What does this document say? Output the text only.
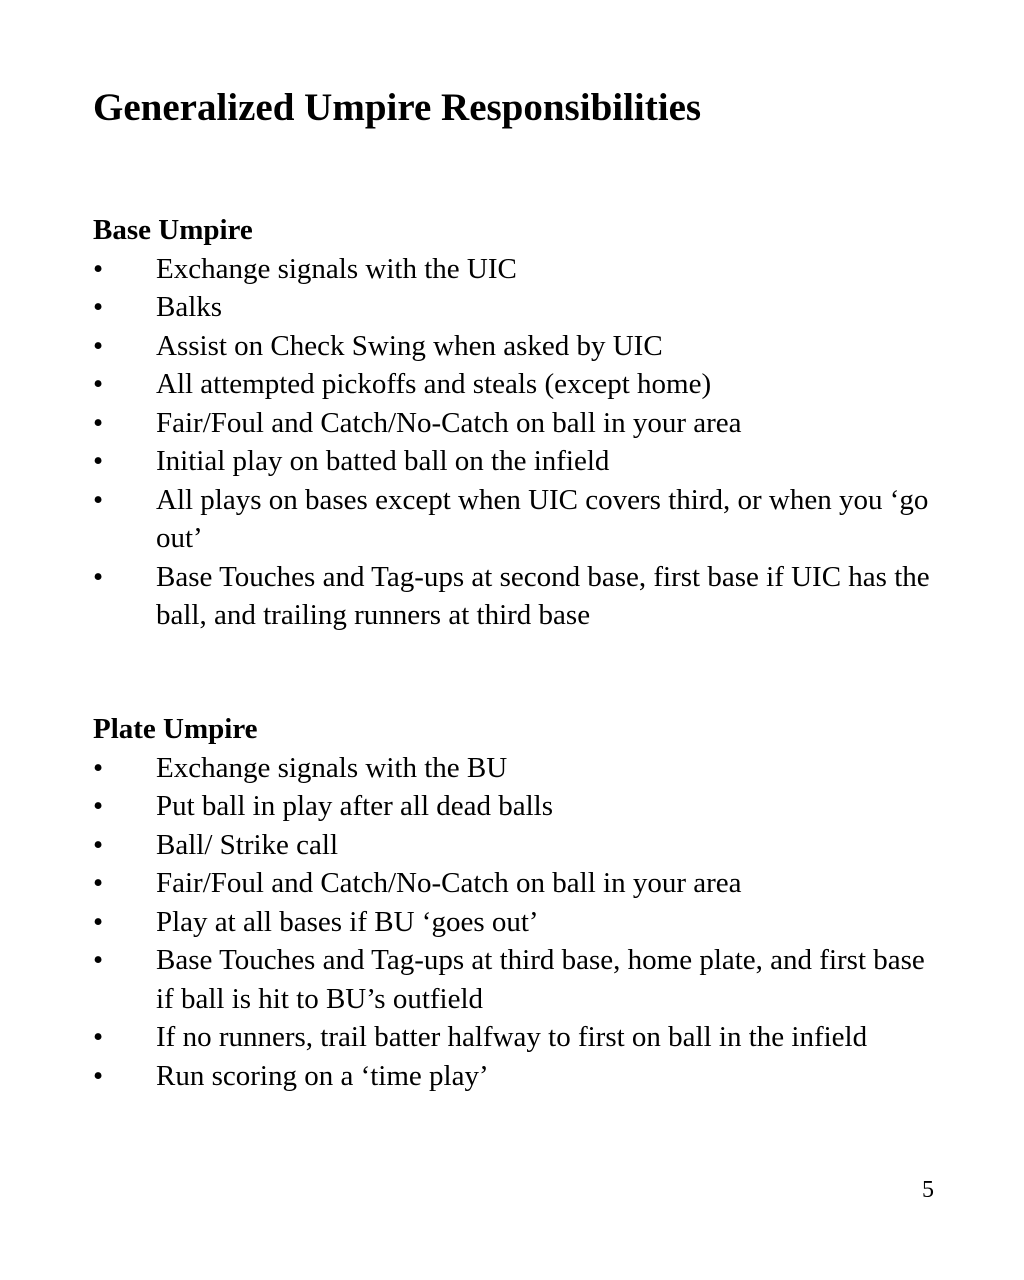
Generalized Umpire Responsibilities
Base Umpire
•	Exchange signals with the UIC
•	Balks
•	Assist on Check Swing when asked by UIC
•	All attempted pickoffs and steals (except home)
•	Fair/Foul and Catch/No-Catch on ball in your area
•	Initial play on batted ball on the infield
•	All plays on bases except when UIC covers third, or when you ‘go out’
•	Base Touches and Tag-ups at second base, first base if UIC has the ball, and trailing runners at third base
Plate Umpire
•	Exchange signals with the BU
•	Put ball in play after all dead balls
•	Ball/ Strike call
•	Fair/Foul and Catch/No-Catch on ball in your area
•	Play at all bases if BU ‘goes out’
•	Base Touches and Tag-ups at third base, home plate, and first base if ball is hit to BU’s outfield
•	If no runners, trail batter halfway to first on ball in the infield
•	Run scoring on a ‘time play’
5
